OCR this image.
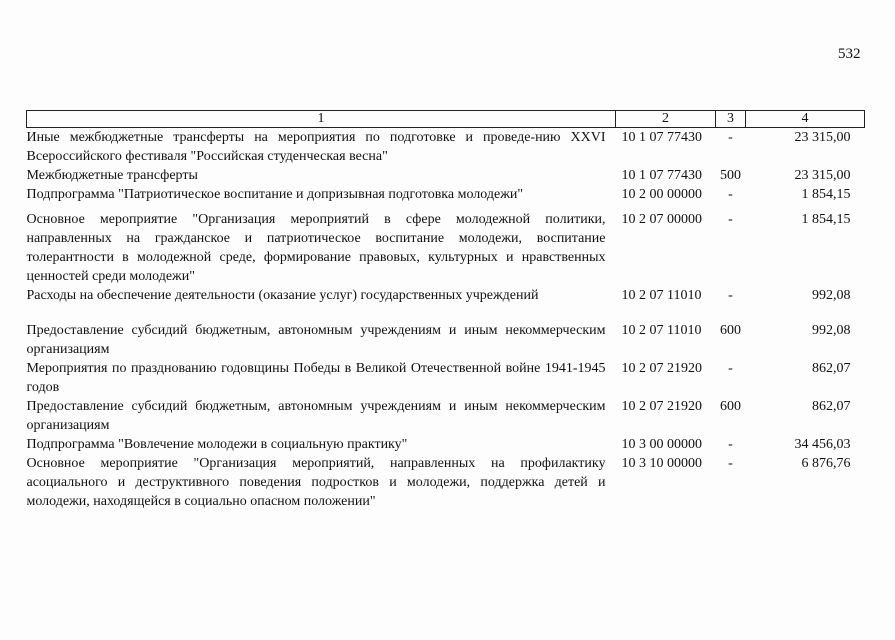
532
1	2	3	4
Иные межбюджетные трансферты на мероприятия по подготовке и проведе-нию XXVI Всероссийского фестиваля "Российская студенческая весна"	10 1 07 77430	-	23 315,00
Межбюджетные трансферты	10 1 07 77430	500	23 315,00
Подпрограмма "Патриотическое воспитание и допризывная подготовка молодежи"	10 2 00 00000	-	1 854,15
Основное мероприятие "Организация мероприятий в сфере молодежной политики, направленных на гражданское и патриотическое воспитание молодежи, воспитание толерантности в молодежной среде, формирование правовых, культурных и нравственных ценностей среди молодежи"	10 2 07 00000	-	1 854,15
Расходы на обеспечение деятельности (оказание услуг) государственных учреждений	10 2 07 11010	-	992,08
Предоставление субсидий бюджетным, автономным учреждениям и иным некоммерческим организациям	10 2 07 11010	600	992,08
Мероприятия по празднованию годовщины Победы в Великой Отечественной войне 1941-1945 годов	10 2 07 21920	-	862,07
Предоставление субсидий бюджетным, автономным учреждениям и иным некоммерческим организациям	10 2 07 21920	600	862,07
Подпрограмма "Вовлечение молодежи в социальную практику"	10 3 00 00000	-	34 456,03
Основное мероприятие "Организация мероприятий, направленных на профилактику асоциального и деструктивного поведения подростков и молодежи, поддержка детей и молодежи, находящейся в социально опасном положении"	10 3 10 00000	-	6 876,76
